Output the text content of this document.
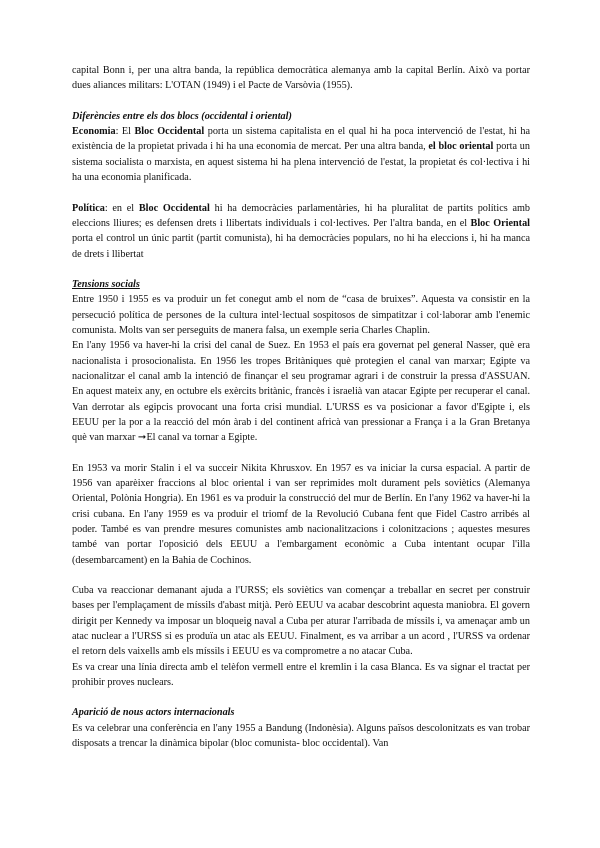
capital Bonn i, per una altra banda, la república democràtica alemanya amb la capital Berlín. Això va portar dues aliances militars: L'OTAN (1949) i el Pacte de Varsòvia (1955).

Diferències entre els dos blocs (occidental i oriental)

Economia: El Bloc Occidental porta un sistema capitalista en el qual hi ha poca intervenció de l'estat, hi ha existència de la propietat privada i hi ha una economia de mercat. Per una altra banda, el bloc oriental porta un sistema socialista o marxista, en aquest sistema hi ha plena intervenció de l'estat, la propietat és col·lectiva i hi ha una economia planificada.

Política: en el Bloc Occidental hi ha democràcies parlamentàries, hi ha pluralitat de partits polítics amb eleccions lliures; es defensen drets i llibertats individuals i col·lectives. Per l'altra banda, en el Bloc Oriental porta el control un únic partit (partit comunista), hi ha democràcies populars, no hi ha eleccions i, hi ha manca de drets i llibertat

Tensions socials

Entre 1950 i 1955 es va produir un fet conegut amb el nom de “casa de bruixes”. Aquesta va consistir en la persecució política de persones de la cultura intel·lectual sospitosos de simpatitzar i col·laborar amb l'enemic comunista. Molts van ser perseguits de manera falsa, un exemple seria Charles Chaplin.

En l'any 1956 va haver-hi la crisi del canal de Suez. En 1953 el país era governat pel general Nasser, què era nacionalista i prosocionalista. En 1956 les tropes Britàniques què protegien el canal van marxar; Egipte va nacionalitzar el canal amb la intenció de finançar el seu programar agrari i de construir la pressa d'ASSUAN. En aquest mateix any, en octubre els exèrcits britànic, francès i israelià van atacar Egipte per recuperar el canal. Van derrotar als egipcis provocant una forta crisi mundial. L'URSS es va posicionar a favor d'Egipte i, els EEUU per la por a la reacció del món àrab i del continent africà van pressionar a França i a la Gran Bretanya què van marxar ➞El canal va tornar a Egipte.

En 1953 va morir Stalin i el va succeir Nikita Khrusxov. En 1957 es va iniciar la cursa espacial. A partir de 1956 van aparèixer fraccions al bloc oriental i van ser reprimides molt durament pels soviètics (Alemanya Oriental, Polònia Hongria). En 1961 es va produir la construcció del mur de Berlín. En l'any 1962 va haver-hi la crisi cubana. En l'any 1959 es va produir el triomf de la Revolució Cubana fent que Fidel Castro arribés al poder. També es van prendre mesures comunistes amb nacionalitzacions i colonitzacions ; aquestes mesures també van portar l'oposició dels EEUU a l'embargament econòmic a Cuba intentant ocupar l'illa (desembarcament) en la Bahia de Cochinos.

Cuba va reaccionar demanant ajuda a l'URSS; els soviètics van començar a treballar en secret per construir bases per l'emplaçament de míssils d'abast mitjà. Però EEUU va acabar descobrint aquesta maniobra. El govern dirigit per Kennedy va imposar un bloqueig naval a Cuba per aturar l'arribada de míssils i, va amenaçar amb un atac nuclear a l'URSS si es produïa un atac als EEUU. Finalment, es va arribar a un acord , l'URSS va ordenar el retorn dels vaixells amb els míssils i EEUU es va comprometre a no atacar Cuba.

Es va crear una línia directa amb el telèfon vermell entre el kremlin i la casa Blanca. Es va signar el tractat per prohibir proves nuclears.

Aparició de nous actors internacionals

Es va celebrar una conferència en l'any 1955 a Bandung (Indonèsia). Alguns països descolonitzats es van trobar disposats a trencar la dinàmica bipolar (bloc comunista- bloc occidental). Van
